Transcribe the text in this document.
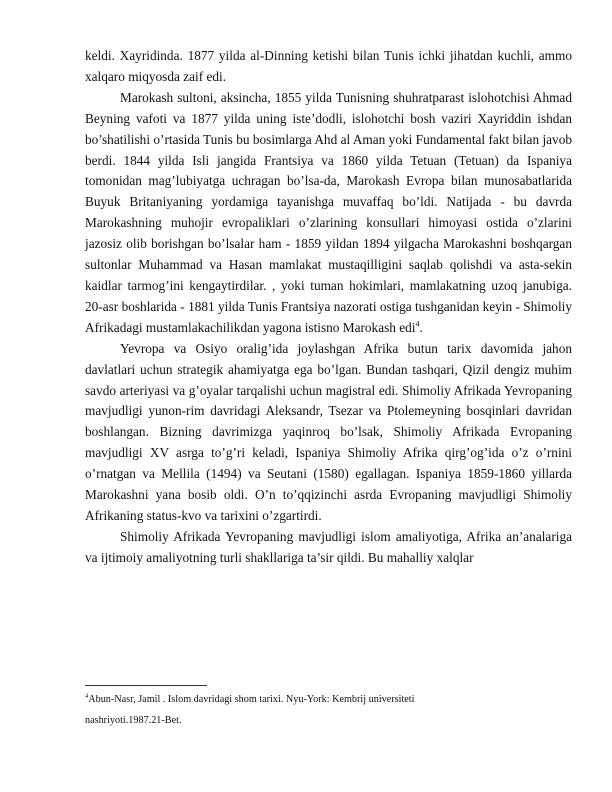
keldi. Xayridinda. 1877 yilda al-Dinning ketishi bilan Tunis ichki jihatdan kuchli, ammo xalqaro miqyosda zaif edi.

Marokash sultoni, aksincha, 1855 yilda Tunisning shuhratparast islohotchisi Ahmad Beyning vafoti va 1877 yilda uning iste’dodli, islohotchi bosh vaziri Xayriddin ishdan bo’shatilishi o’rtasida Tunis bu bosimlarga Ahd al Aman yoki Fundamental fakt bilan javob berdi. 1844 yilda Isli jangida Frantsiya va 1860 yilda Tetuan (Tetuan) da Ispaniya tomonidan mag’lubiyatga uchragan bo’lsa-da, Marokash Evropa bilan munosabatlarida Buyuk Britaniyaning yordamiga tayanishga muvaffaq bo’ldi. Natijada - bu davrda Marokashning muhojir evropaliklari o’zlarining konsullari himoyasi ostida o’zlarini jazosiz olib borishgan bo’lsalar ham - 1859 yildan 1894 yilgacha Marokashni boshqargan sultonlar Muhammad va Hasan mamlakat mustaqilligini saqlab qolishdi va asta-sekin kaidlar tarmog’ini kengaytirdilar. , yoki tuman hokimlari, mamlakatning uzoq janubiga. 20-asr boshlarida - 1881 yilda Tunis Frantsiya nazorati ostiga tushganidan keyin - Shimoliy Afrikadagi mustamlakachilikdan yagona istisno Marokash edi$^4$.

Yevropa va Osiyo oralig’ida joylashgan Afrika butun tarix davomida jahon davlatlari uchun strategik ahamiyatga ega bo’lgan. Bundan tashqari, Qizil dengiz muhim savdo arteriyasi va g’oyalar tarqalishi uchun magistral edi. Shimoliy Afrikada Yevropaning mavjudligi yunon-rim davridagi Aleksandr, Tsezar va Ptolemeyning bosqinlari davridan boshlangan. Bizning davrimizga yaqinroq bo’lsak, Shimoliy Afrikada Evropaning mavjudligi XV asrga to’g’ri keladi, Ispaniya Shimoliy Afrika qirg’og’ida o’z o’rnini o’rnatgan va Mellila (1494) va Seutani (1580) egallagan. Ispaniya 1859-1860 yillarda Marokashni yana bosib oldi. O’n to’qqizinchi asrda Evropaning mavjudligi Shimoliy Afrikaning status-kvo va tarixini o’zgartirdi.

Shimoliy Afrikada Yevropaning mavjudligi islom amaliyotiga, Afrika an’analariga va ijtimoiy amaliyotning turli shakllariga ta’sir qildi. Bu mahalliy xalqlar

$^4$Abun-Nasr, Jamil . Islom davridagi shom tarixi. Nyu-York: Kembrij universiteti
nashriyoti.1987.21-Bet.
